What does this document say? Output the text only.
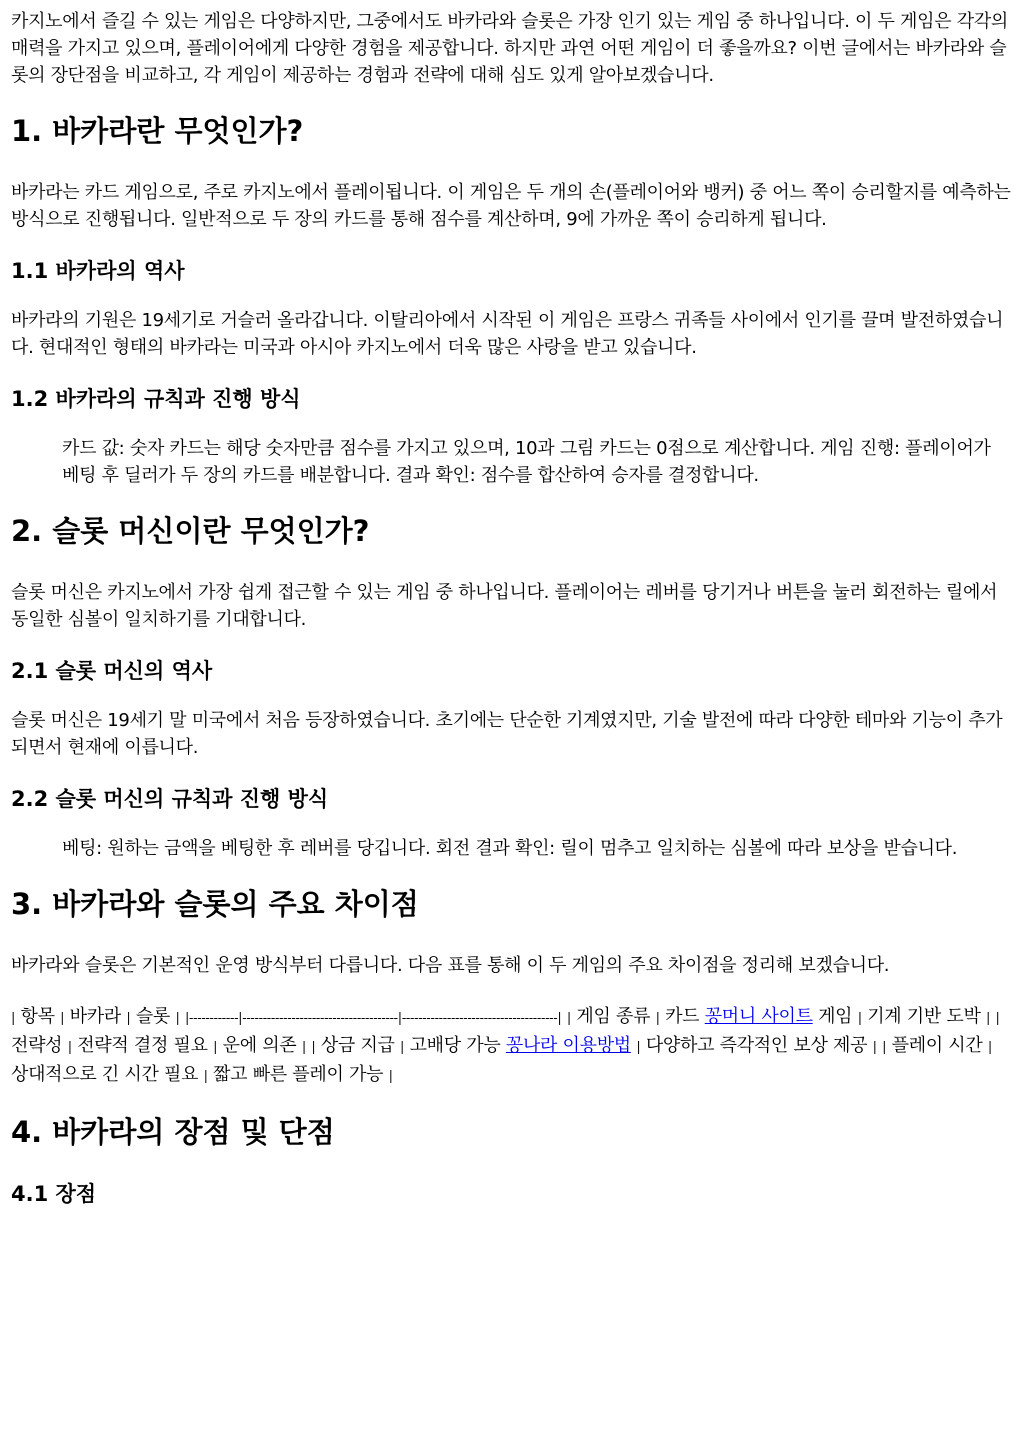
카지노에서 즐길 수 있는 게임은 다양하지만, 그중에서도 바카라와 슬롯은 가장 인기 있는 게임 중 하나입니다. 이 두 게임은 각각의 매력을 가지고 있으며, 플레이어에게 다양한 경험을 제공합니다. 하지만 과연 어떤 게임이 더 좋을까요? 이번 글에서는 바카라와 슬롯의 장단점을 비교하고, 각 게임이 제공하는 경험과 전략에 대해 심도 있게 알아보겠습니다.

1. 바카라란 무엇인가?

바카라는 카드 게임으로, 주로 카지노에서 플레이됩니다. 이 게임은 두 개의 손(플레이어와 뱅커) 중 어느 쪽이 승리할지를 예측하는 방식으로 진행됩니다. 일반적으로 두 장의 카드를 통해 점수를 계산하며, 9에 가까운 쪽이 승리하게 됩니다.

1.1 바카라의 역사

바카라의 기원은 19세기로 거슬러 올라갑니다. 이탈리아에서 시작된 이 게임은 프랑스 귀족들 사이에서 인기를 끌며 발전하였습니다. 현대적인 형태의 바카라는 미국과 아시아 카지노에서 더욱 많은 사랑을 받고 있습니다.

1.2 바카라의 규칙과 진행 방식
카드 값: 숫자 카드는 해당 숫자만큼 점수를 가지고 있으며, 10과 그림 카드는 0점으로 계산합니다. 게임 진행: 플레이어가 베팅 후 딜러가 두 장의 카드를 배분합니다. 결과 확인: 점수를 합산하여 승자를 결정합니다.
2. 슬롯 머신이란 무엇인가?

슬롯 머신은 카지노에서 가장 쉽게 접근할 수 있는 게임 중 하나입니다. 플레이어는 레버를 당기거나 버튼을 눌러 회전하는 릴에서 동일한 심볼이 일치하기를 기대합니다.

2.1 슬롯 머신의 역사

슬롯 머신은 19세기 말 미국에서 처음 등장하였습니다. 초기에는 단순한 기계였지만, 기술 발전에 따라 다양한 테마와 기능이 추가되면서 현재에 이릅니다.

2.2 슬롯 머신의 규칙과 진행 방식
베팅: 원하는 금액을 베팅한 후 레버를 당깁니다. 회전 결과 확인: 릴이 멈추고 일치하는 심볼에 따라 보상을 받습니다.
3. 바카라와 슬롯의 주요 차이점

바카라와 슬롯은 기본적인 운영 방식부터 다릅니다. 다음 표를 통해 이 두 게임의 주요 차이점을 정리해 보겠습니다.

| 항목 | 바카라 | 슬롯 | |------------|--------------------------------------|--------------------------------------| | 게임 종류 | 카드 꽁머니 사이트 게임 | 기계 기반 도박 | | 전략성 | 전략적 결정 필요 | 운에 의존 | | 상금 지급 | 고배당 가능 꽁나라 이용방법 | 다양하고 즉각적인 보상 제공 | | 플레이 시간 | 상대적으로 긴 시간 필요 | 짧고 빠른 플레이 가능 |
4. 바카라의 장점 및 단점
4.1 장점
